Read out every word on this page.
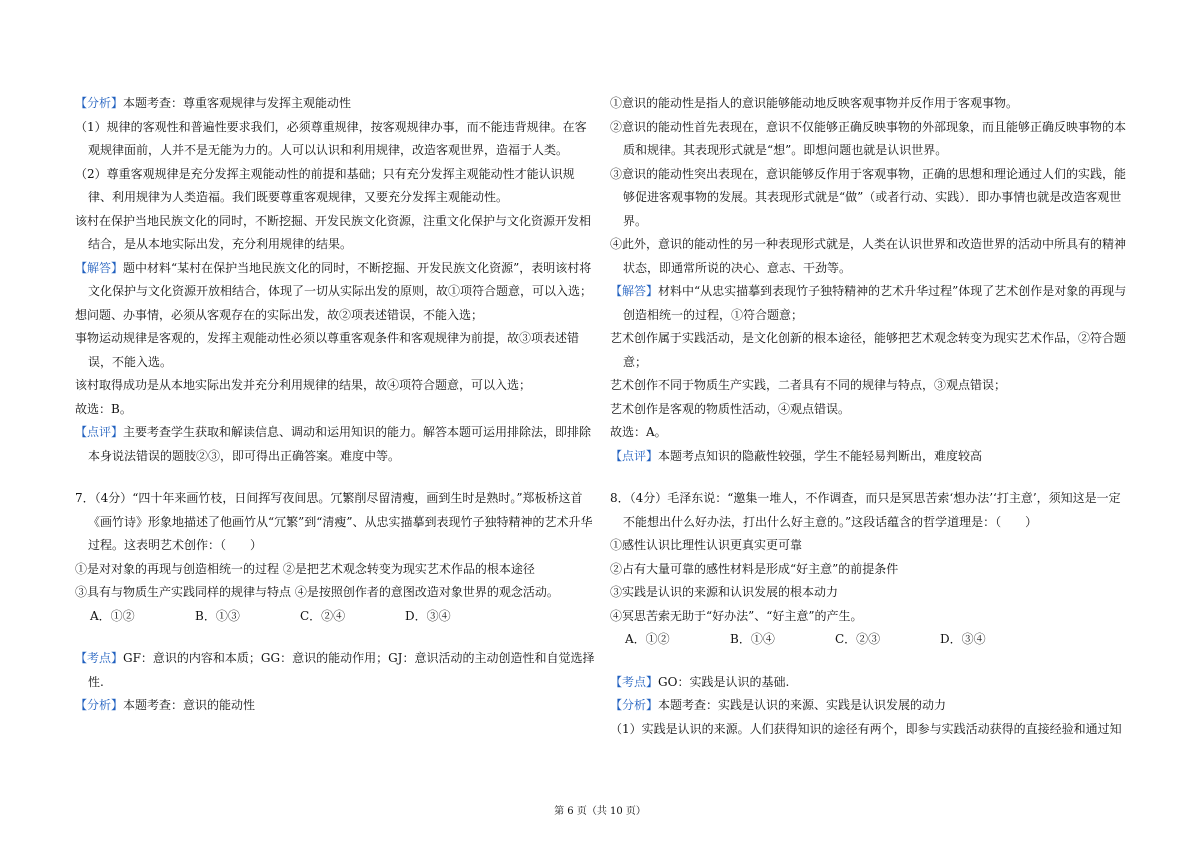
【分析】本题考查：尊重客观规律与发挥主观能动性

（1）规律的客观性和普遍性要求我们，必须尊重规律，按客观规律办事，而不能违背规律。在客观规律面前，人并不是无能为力的。人可以认识和利用规律，改造客观世界，造福于人类。

（2）尊重客观规律是充分发挥主观能动性的前提和基础；只有充分发挥主观能动性才能认识规律、利用规律为人类造福。我们既要尊重客观规律，又要充分发挥主观能动性。

该村在保护当地民族文化的同时，不断挖掘、开发民族文化资源，注重文化保护与文化资源开发相结合，是从本地实际出发，充分利用规律的结果。

【解答】题中材料“某村在保护当地民族文化的同时，不断挖掘、开发民族文化资源”，表明该村将文化保护与文化资源开放相结合，体现了一切从实际出发的原则，故①项符合题意，可以入选；

想问题、办事情，必须从客观存在的实际出发，故②项表述错误，不能入选；

事物运动规律是客观的，发挥主观能动性必须以尊重客观条件和客观规律为前提，故③项表述错误，不能入选。

该村取得成功是从本地实际出发并充分利用规律的结果，故④项符合题意，可以入选；

故选：B。

【点评】主要考查学生获取和解读信息、调动和运用知识的能力。解答本题可运用排除法，即排除本身说法错误的题肢②③，即可得出正确答案。难度中等。

7．（4分）“四十年来画竹枝，日间挥写夜间思。冗繁削尽留清瘦，画到生时是熟时。”郑板桥这首《画竹诗》形象地描述了他画竹从“冗繁”到“清瘦”、从忠实描摹到表现竹子独特精神的艺术升华过程。这表明艺术创作：（　　）

①是对对象的再现与创造相统一的过程 ②是把艺术观念转变为现实艺术作品的根本途径

③具有与物质生产实践同样的规律与特点 ④是按照创作者的意图改造对象世界的观念活动。

A．①②	B．①③	C．②④	D．③④

【考点】GF：意识的内容和本质；GG：意识的能动作用；GJ：意识活动的主动创造性和自觉选择性.

【分析】本题考查：意识的能动性

①意识的能动性是指人的意识能够能动地反映客观事物并反作用于客观事物。

②意识的能动性首先表现在，意识不仅能够正确反映事物的外部现象，而且能够正确反映事物的本质和规律。其表现形式就是“想”。即想问题也就是认识世界。

③意识的能动性突出表现在，意识能够反作用于客观事物，正确的思想和理论通过人们的实践，能够促进客观事物的发展。其表现形式就是“做”（或者行动、实践）．即办事情也就是改造客观世界。

④此外，意识的能动性的另一种表现形式就是，人类在认识世界和改造世界的活动中所具有的精神状态，即通常所说的决心、意志、干劲等。

【解答】材料中“从忠实描摹到表现竹子独特精神的艺术升华过程”体现了艺术创作是对象的再现与创造相统一的过程，①符合题意；

艺术创作属于实践活动，是文化创新的根本途径，能够把艺术观念转变为现实艺术作品，②符合题意；

艺术创作不同于物质生产实践，二者具有不同的规律与特点，③观点错误；

艺术创作是客观的物质性活动，④观点错误。

故选：A。

【点评】本题考点知识的隐蔽性较强，学生不能轻易判断出，难度较高

8．（4分）毛泽东说：“邀集一堆人，不作调查，而只是冥思苦索‘想办法’‘打主意’，须知这是一定不能想出什么好办法，打出什么好主意的。”这段话蕴含的哲学道理是：（　　）

①感性认识比理性认识更真实更可靠

②占有大量可靠的感性材料是形成“好主意”的前提条件

③实践是认识的来源和认识发展的根本动力

④冥思苦索无助于“好办法”、“好主意”的产生。

A．①②	B．①④	C．②③	D．③④

【考点】GO：实践是认识的基础.

【分析】本题考查：实践是认识的来源、实践是认识发展的动力

（1）实践是认识的来源。人们获得知识的途径有两个，即参与实践活动获得的直接经验和通过知

第 6 页（共 10 页）
